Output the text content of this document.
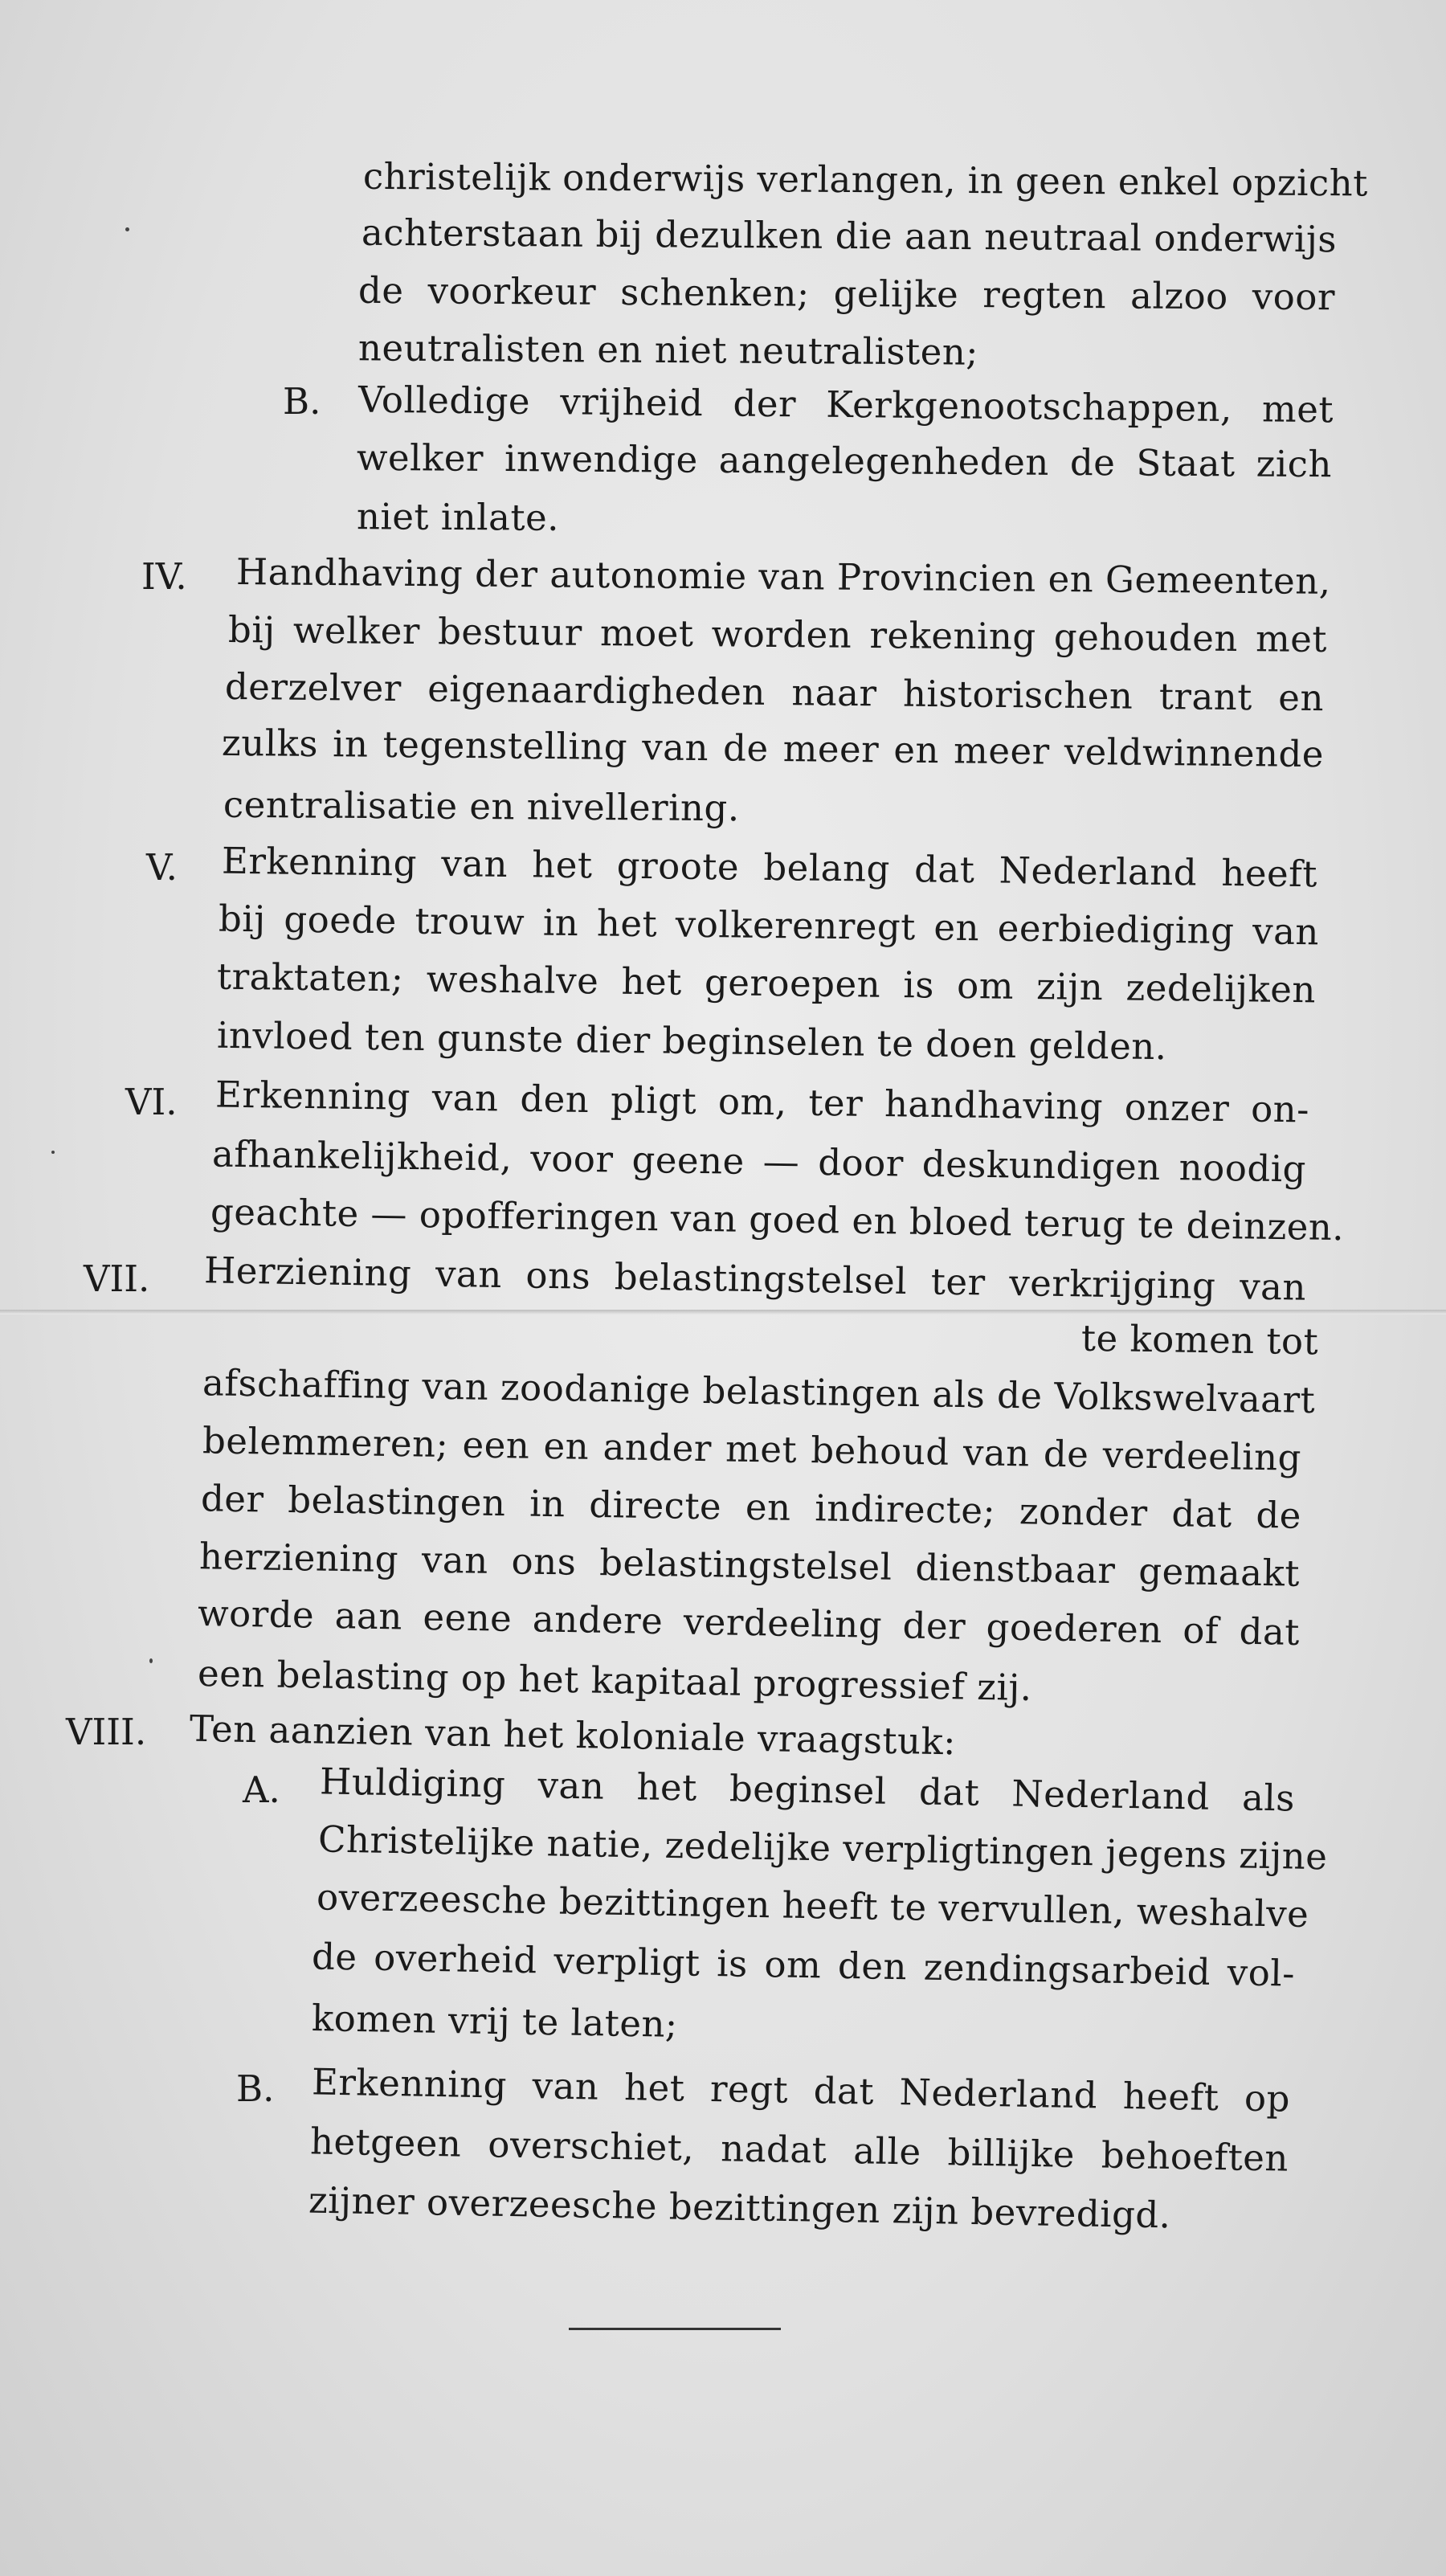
B.
IV.
V.
VI.
VII.
VIII.
A.
B.
christelijk onderwijs verlangen, in geen enkel opzicht
achterstaan bij dezulken die aan neutraal onderwijs
de voorkeur schenken; gelijke regten alzoo voor
neutralisten en niet neutralisten;
Volledige vrijheid der Kerkgenootschappen, met
welker inwendige aangelegenheden de Staat zich
niet inlate.
Handhaving der autonomie van Provincien en Gemeenten,
bij welker bestuur moet worden rekening gehouden met
derzelver eigenaardigheden naar historischen trant en
zulks in tegenstelling van de meer en meer veldwinnende
centralisatie en nivellering.
Erkenning van het groote belang dat Nederland heeft
bij goede trouw in het volkerenregt en eerbiediging van
traktaten; weshalve het geroepen is om zijn zedelijken
invloed ten gunste dier beginselen te doen gelden.
Erkenning van den pligt om, ter handhaving onzer on-
afhankelijkheid, voor geene — door deskundigen noodig
geachte — opofferingen van goed en bloed terug te deinzen.
Herziening van ons belastingstelsel ter verkrijging van
te komen tot
afschaffing van zoodanige belastingen als de Volkswelvaart
belemmeren; een en ander met behoud van de verdeeling
der belastingen in directe en indirecte; zonder dat de
herziening van ons belastingstelsel dienstbaar gemaakt
worde aan eene andere verdeeling der goederen of dat
een belasting op het kapitaal progressief zij.
Ten aanzien van het koloniale vraagstuk:
Huldiging van het beginsel dat Nederland als
Christelijke natie, zedelijke verpligtingen jegens zijne
overzeesche bezittingen heeft te vervullen, weshalve
de overheid verpligt is om den zendingsarbeid vol-
komen vrij te laten;
Erkenning van het regt dat Nederland heeft op
hetgeen overschiet, nadat alle billijke behoeften
zijner overzeesche bezittingen zijn bevredigd.
